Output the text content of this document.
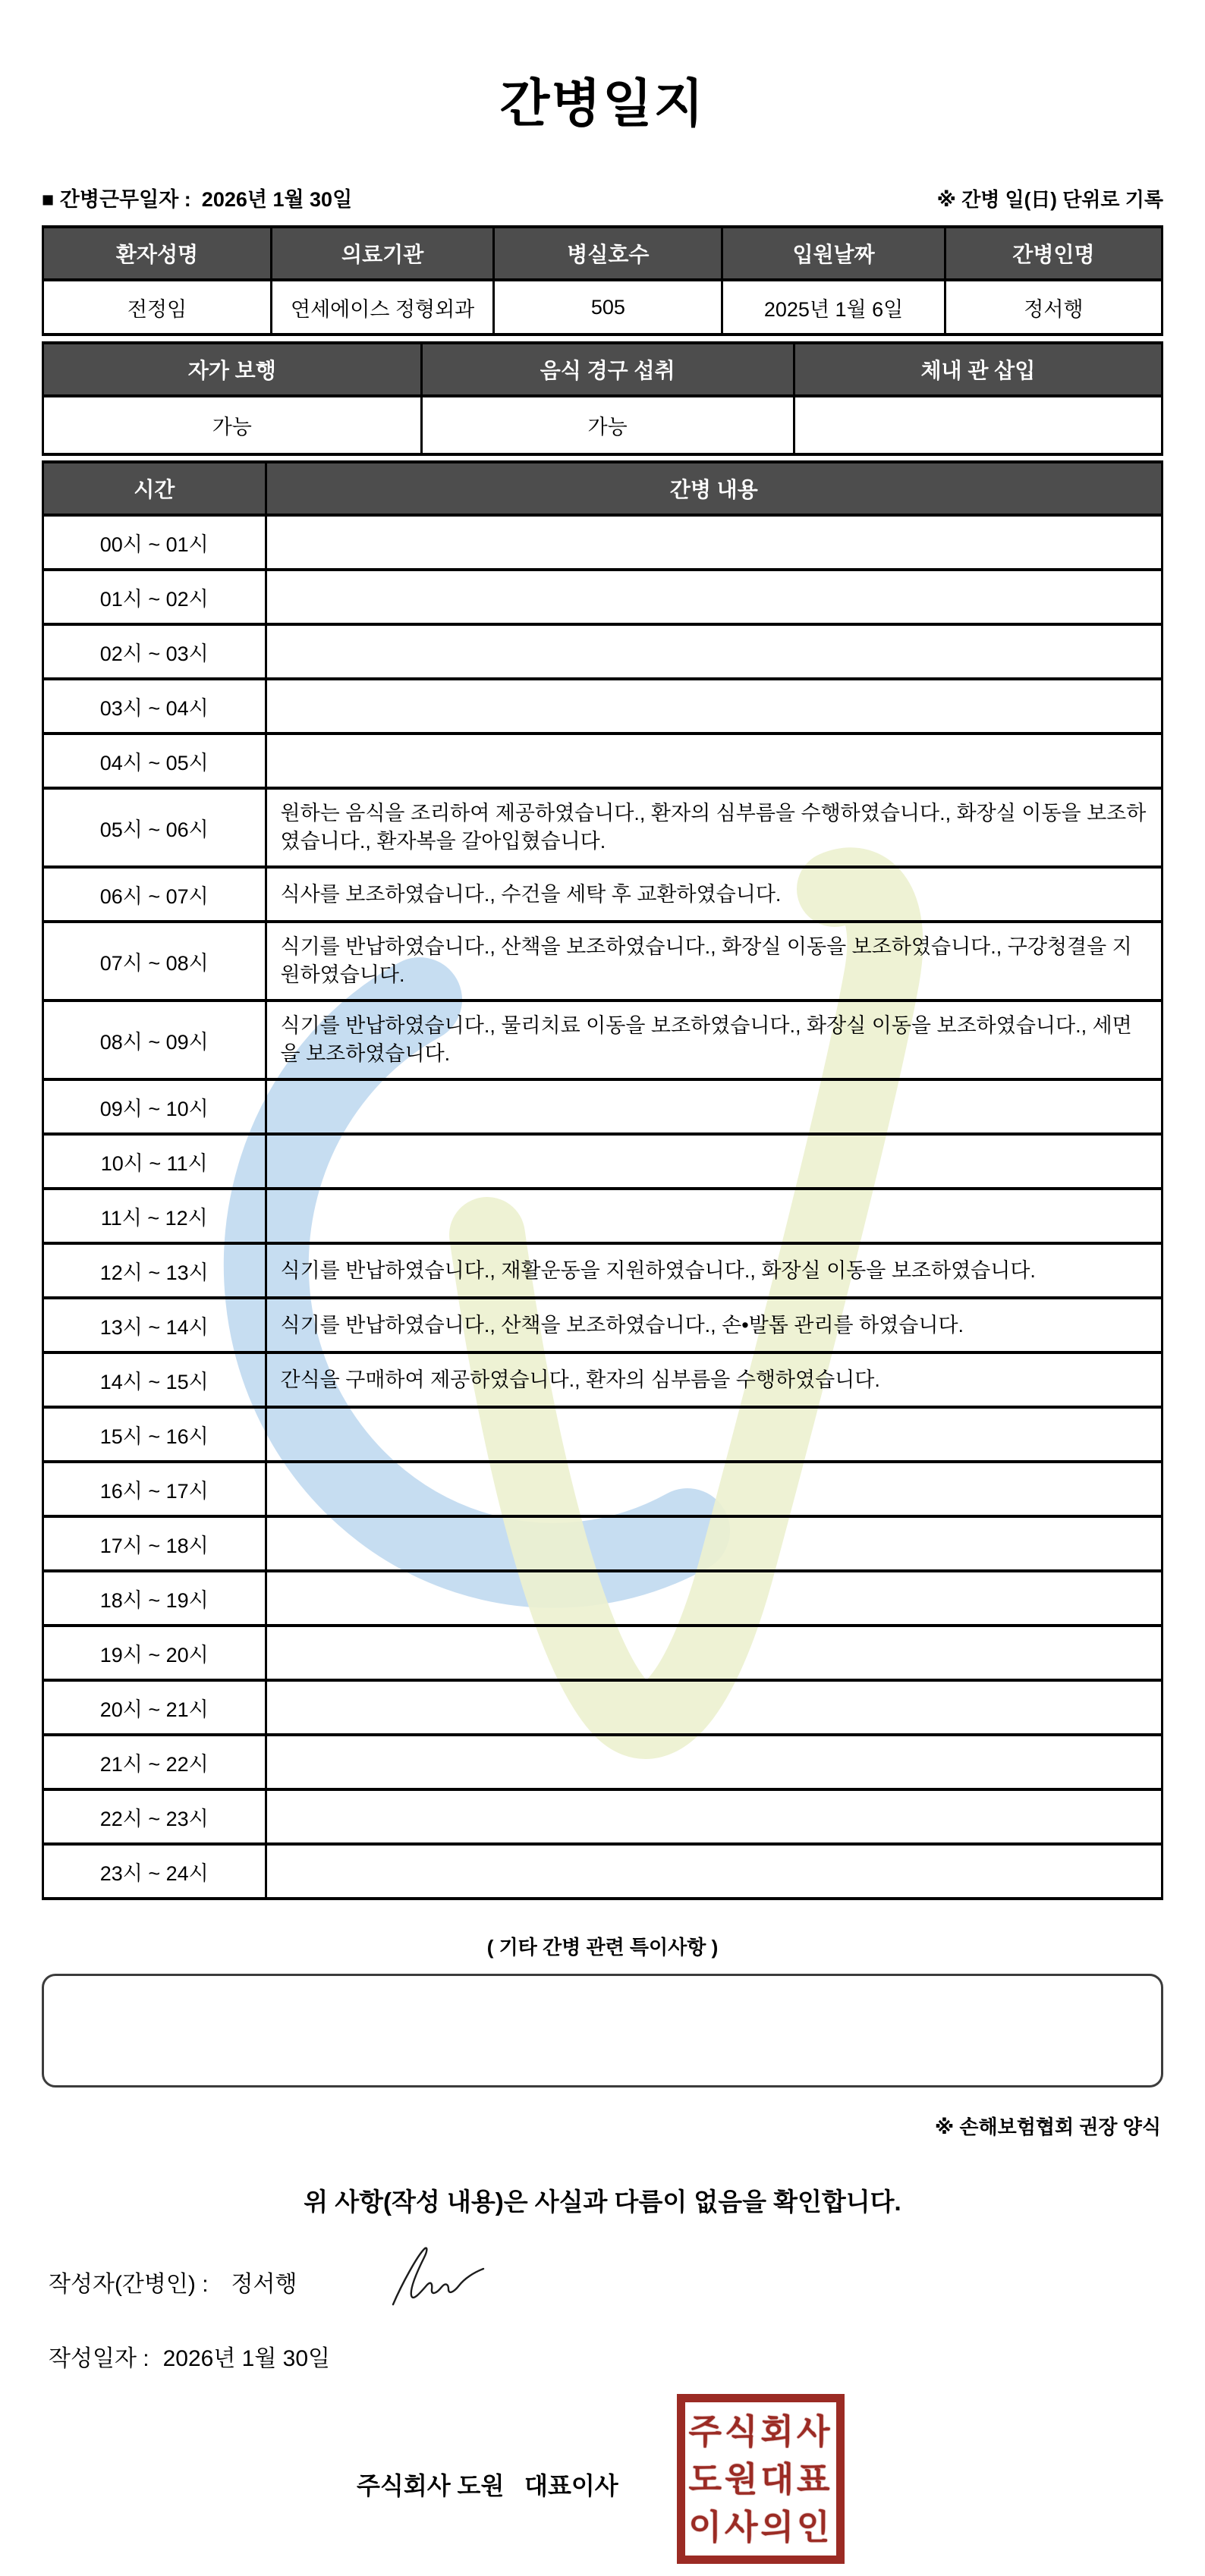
간병일지
■ 간병근무일자 : 2026년 1월 30일	※ 간병 일(日) 단위로 기록
환자성명	의료기관	병실호수	입원날짜	간병인명
전정임	연세에이스 정형외과	505	2025년 1월 6일	정서행
자가 보행	음식 경구 섭취	체내 관 삽입
가능	가능	
시간	간병 내용
00시 ~ 01시	
01시 ~ 02시	
02시 ~ 03시	
03시 ~ 04시	
04시 ~ 05시	
05시 ~ 06시	원하는 음식을 조리하여 제공하였습니다., 환자의 심부름을 수행하였습니다., 화장실 이동을 보조하였습니다., 환자복을 갈아입혔습니다.
06시 ~ 07시	식사를 보조하였습니다., 수건을 세탁 후 교환하였습니다.
07시 ~ 08시	식기를 반납하였습니다., 산책을 보조하였습니다., 화장실 이동을 보조하였습니다., 구강청결을 지원하였습니다.
08시 ~ 09시	식기를 반납하였습니다., 물리치료 이동을 보조하였습니다., 화장실 이동을 보조하였습니다., 세면을 보조하였습니다.
09시 ~ 10시	
10시 ~ 11시	
11시 ~ 12시	
12시 ~ 13시	식기를 반납하였습니다., 재활운동을 지원하였습니다., 화장실 이동을 보조하였습니다.
13시 ~ 14시	식기를 반납하였습니다., 산책을 보조하였습니다., 손•발톱 관리를 하였습니다.
14시 ~ 15시	간식을 구매하여 제공하였습니다., 환자의 심부름을 수행하였습니다.
15시 ~ 16시	
16시 ~ 17시	
17시 ~ 18시	
18시 ~ 19시	
19시 ~ 20시	
20시 ~ 21시	
21시 ~ 22시	
22시 ~ 23시	
23시 ~ 24시	
( 기타 간병 관련 특이사항 )
※ 손해보험협회 권장 양식
위 사항(작성 내용)은 사실과 다름이 없음을 확인합니다.
작성자(간병인) : 정서행
작성일자 : 2026년 1월 30일
주식회사 도원   대표이사
주식회사
도원대표
이사의인
